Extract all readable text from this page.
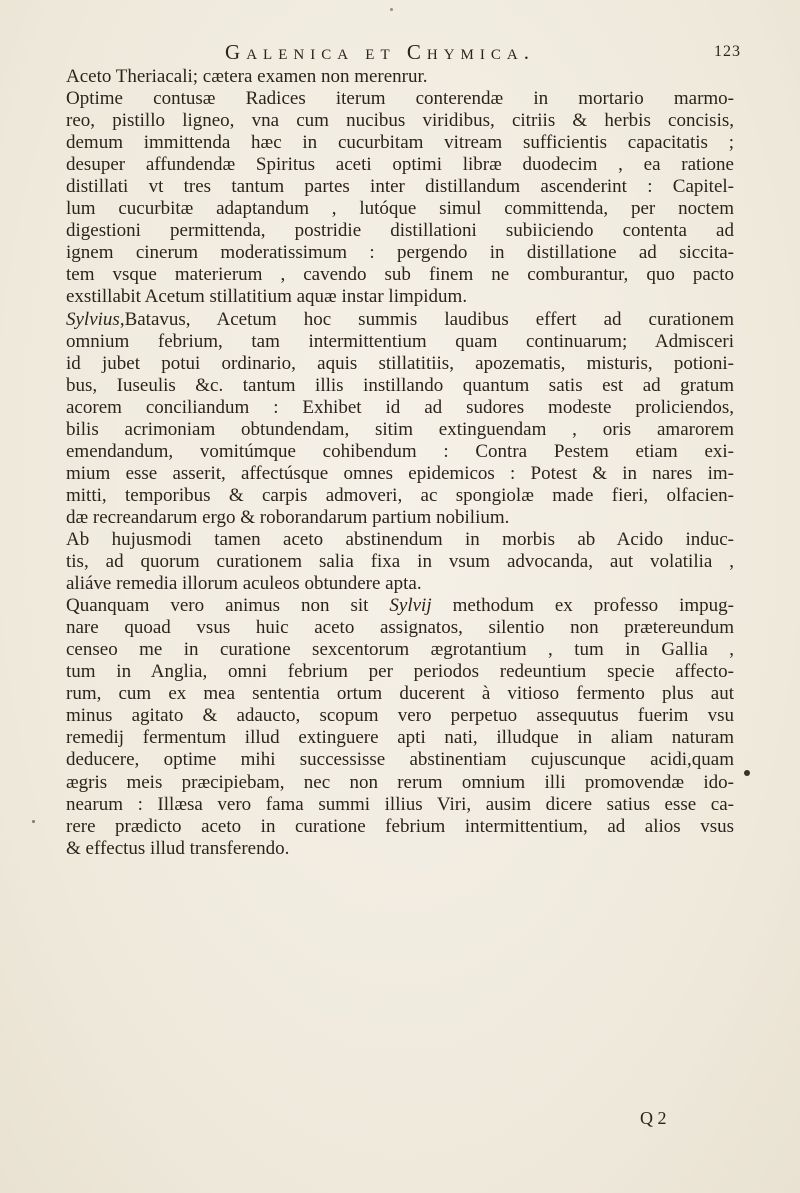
Galenica et Chymica.	123
Aceto Theriacali; cætera examen non merenrur.
Optime contusæ Radices iterum conterendæ in mortario marmo-
reo, pistillo ligneo, vna cum nucibus viridibus, citriis & herbis concisis,
demum immittenda hæc in cucurbitam vitream sufficientis capacitatis ;
desuper affundendæ Spiritus aceti optimi libræ duodecim , ea ratione
distillati vt tres tantum partes inter distillandum ascenderint : Capitel-
lum cucurbitæ adaptandum , lutóque simul committenda, per noctem
digestioni permittenda, postridie distillationi subiiciendo contenta ad
ignem cinerum moderatissimum : pergendo in distillatione ad siccita-
tem vsque materierum , cavendo sub finem ne comburantur, quo pacto
exstillabit Acetum stillatitium aquæ instar limpidum.
Sylvius,Batavus, Acetum hoc summis laudibus effert ad curationem
omnium febrium, tam intermittentium quam continuarum; Admisceri
id jubet potui ordinario, aquis stillatitiis, apozematis, misturis, potioni-
bus, Iuseulis &c. tantum illis instillando quantum satis est ad gratum
acorem conciliandum : Exhibet id ad sudores modeste proliciendos,
bilis acrimoniam obtundendam, sitim extinguendam , oris amarorem
emendandum, vomitúmque cohibendum : Contra Pestem etiam exi-
mium esse asserit, affectúsque omnes epidemicos : Potest & in nares im-
mitti, temporibus & carpis admoveri, ac spongiolæ made fieri, olfacien-
dæ recreandarum ergo & roborandarum partium nobilium.
Ab hujusmodi tamen aceto abstinendum in morbis ab Acido induc-
tis, ad quorum curationem salia fixa in vsum advocanda, aut volatilia ,
aliáve remedia illorum aculeos obtundere apta.
Quanquam vero animus non sit Sylvij methodum ex professo impug-
nare quoad vsus huic aceto assignatos, silentio non prætereundum
censeo me in curatione sexcentorum ægrotantium , tum in Gallia ,
tum in Anglia, omni febrium per periodos redeuntium specie affecto-
rum, cum ex mea sententia ortum ducerent à vitioso fermento plus aut
minus agitato & adaucto, scopum vero perpetuo assequutus fuerim vsu
remedij fermentum illud extinguere apti nati, illudque in aliam naturam
deducere, optime mihi successisse abstinentiam cujuscunque acidi,quam
ægris meis præcipiebam, nec non rerum omnium illi promovendæ ido-
nearum : Illæsa vero fama summi illius Viri, ausim dicere satius esse ca-
rere prædicto aceto in curatione febrium intermittentium, ad alios vsus
& effectus illud transferendo.
Q 2
